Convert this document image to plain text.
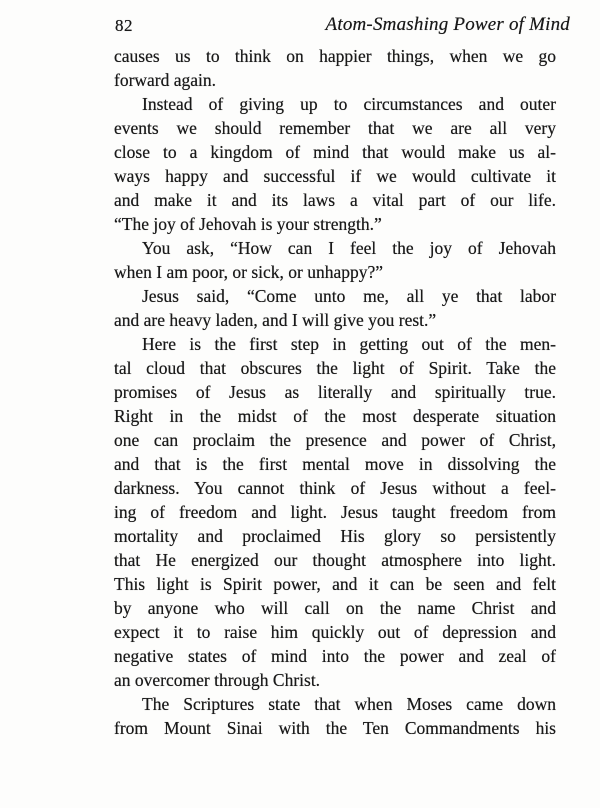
82	Atom-Smashing Power of Mind
causes us to think on happier things, when we go
forward again.
Instead of giving up to circumstances and outer
events we should remember that we are all very
close to a kingdom of mind that would make us al-
ways happy and successful if we would cultivate it
and make it and its laws a vital part of our life.
“The joy of Jehovah is your strength.”
You ask, “How can I feel the joy of Jehovah
when I am poor, or sick, or unhappy?”
Jesus said, “Come unto me, all ye that labor
and are heavy laden, and I will give you rest.”
Here is the first step in getting out of the men-
tal cloud that obscures the light of Spirit. Take the
promises of Jesus as literally and spiritually true.
Right in the midst of the most desperate situation
one can proclaim the presence and power of Christ,
and that is the first mental move in dissolving the
darkness. You cannot think of Jesus without a feel-
ing of freedom and light. Jesus taught freedom from
mortality and proclaimed His glory so persistently
that He energized our thought atmosphere into light.
This light is Spirit power, and it can be seen and felt
by anyone who will call on the name Christ and
expect it to raise him quickly out of depression and
negative states of mind into the power and zeal of
an overcomer through Christ.
The Scriptures state that when Moses came down
from Mount Sinai with the Ten Commandments his
